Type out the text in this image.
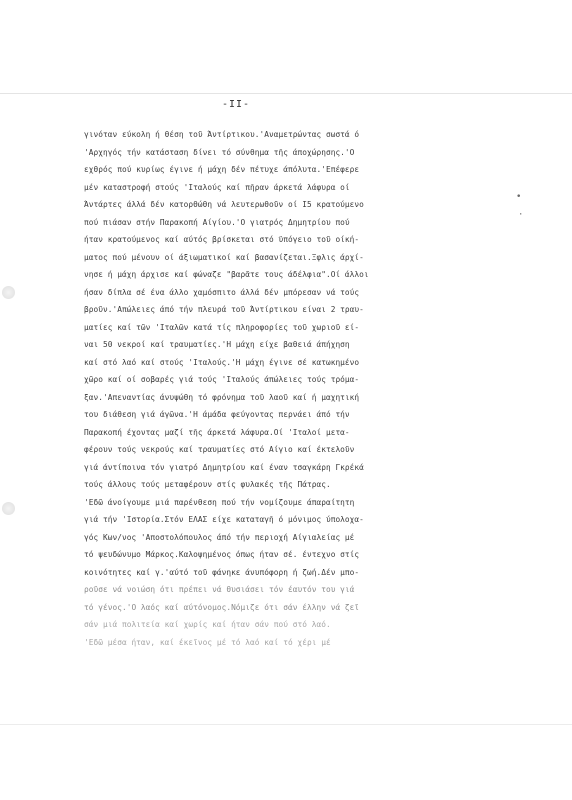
-ΙΙ-
•
·
γινόταν εύκολη ή θέση τοῦ Άντίρτικου.'Αναμετρώντας σωστά ό
'Αρχηγός τήν κατάσταση δίνει τό σύνθημα τῆς άποχώρησης.'Ο
εχθρός πού κυρίως έγινε ή μάχη δέν πέτυχε άπόλυτα.'Επέφερε
μέν καταστροφή στούς 'Ιταλούς καί πῆραν άρκετά λάφυρα οί
Άντάρτες άλλά δέν κατορθώθη νά λευτερωθοῦν οί Ι5 κρατούμενο
πού πιάσαν στήν Παρακοπή Αίγίου.'Ο γιατρός Δημητρίου πού
ήταν κρατούμενος καί αύτός βρίσκεται στό ϋπόγειο τοῦ οίκή-
ματος πού μένουν οί άξιωματικοί καί βασανίζεται.Ξφλις άρχί-
νησε ή μάχη άρχισε καί φώναζε "βαρᾶτε τους άδέλφια".Οί άλλοι
ήσαν δίπλα σέ ένα άλλο χαμόσπιτο άλλά δέν μπόρεσαν νά τούς
βροῦν.'Απώλειες άπό τήν πλευρά τοῦ Άντίρτικου είναι 2 τραυ-
ματίες καί τῶν 'Ιταλῶν κατά τίς πληροφορίες τοῦ χωριοῦ εί-
ναι 50 νεκροί καί τραυματίες.'Η μάχη είχε βαθειά άπήχηση
καί στό λαό καί στούς 'Ιταλούς.'Η μάχη έγινε σέ κατωκημένο
χῶρο καί οί σοβαρές γιά τούς 'Ιταλούς άπώλειες τούς τρόμα-
ξαν.'Απεναντίας άνυψώθη τό φρόνημα τοῦ λαοῦ καί ή μαχητική
του διάθεση γιά άγῶνα.'Η άμάδα φεύγοντας περνάει άπό τήν
Παρακοπή έχοντας μαζί τῆς άρκετά λάφυρα.Οί 'Ιταλοί μετα-
φέρουν τούς νεκρούς καί τραυματίες στό Αίγιο καί έκτελοῦν
γιά άντίποινα τόν γιατρό Δημητρίου καί έναν τσαγκάρη Γκρέκά
τούς άλλους τούς μεταφέρουν στίς φυλακές τῆς Πάτρας.
'Εδῶ άνοίγουμε μιά παρένθεση πού τήν νομίζουμε άπαραίτητη
γιά τήν 'Ιστορία.Στόν ΕΛΑΣ είχε καταταγῆ ό μόνιμος ύπολοχα-
γός Κων/νος 'Αποστολόπουλος άπό τήν περιοχή Αίγιαλείας μέ
τό ψευδώνυμο Μάρκος.Καλοψημένος όπως ήταν σέ. έντεχνο στίς
κοινότητες καί γ.'αύτό τοῦ φάνηκε άνυπόφορη ή ζωή.Δέν μπο-
ροῦσε νά νοιώση ότι πρέπει νά θυσιάσει τόν έαυτόν του γιά
τό γένος.'Ο λαός καί αύτόνομος.Νόμιζε ότι σάν έλλην νά ζεῖ
σάν μιά πολιτεία καί χωρίς καί ήταν σάν πού στό λαό.
'Εδῶ μέσα ήταν, καί έκεῖνος μέ τό λαό καί τό χέρι μέ
